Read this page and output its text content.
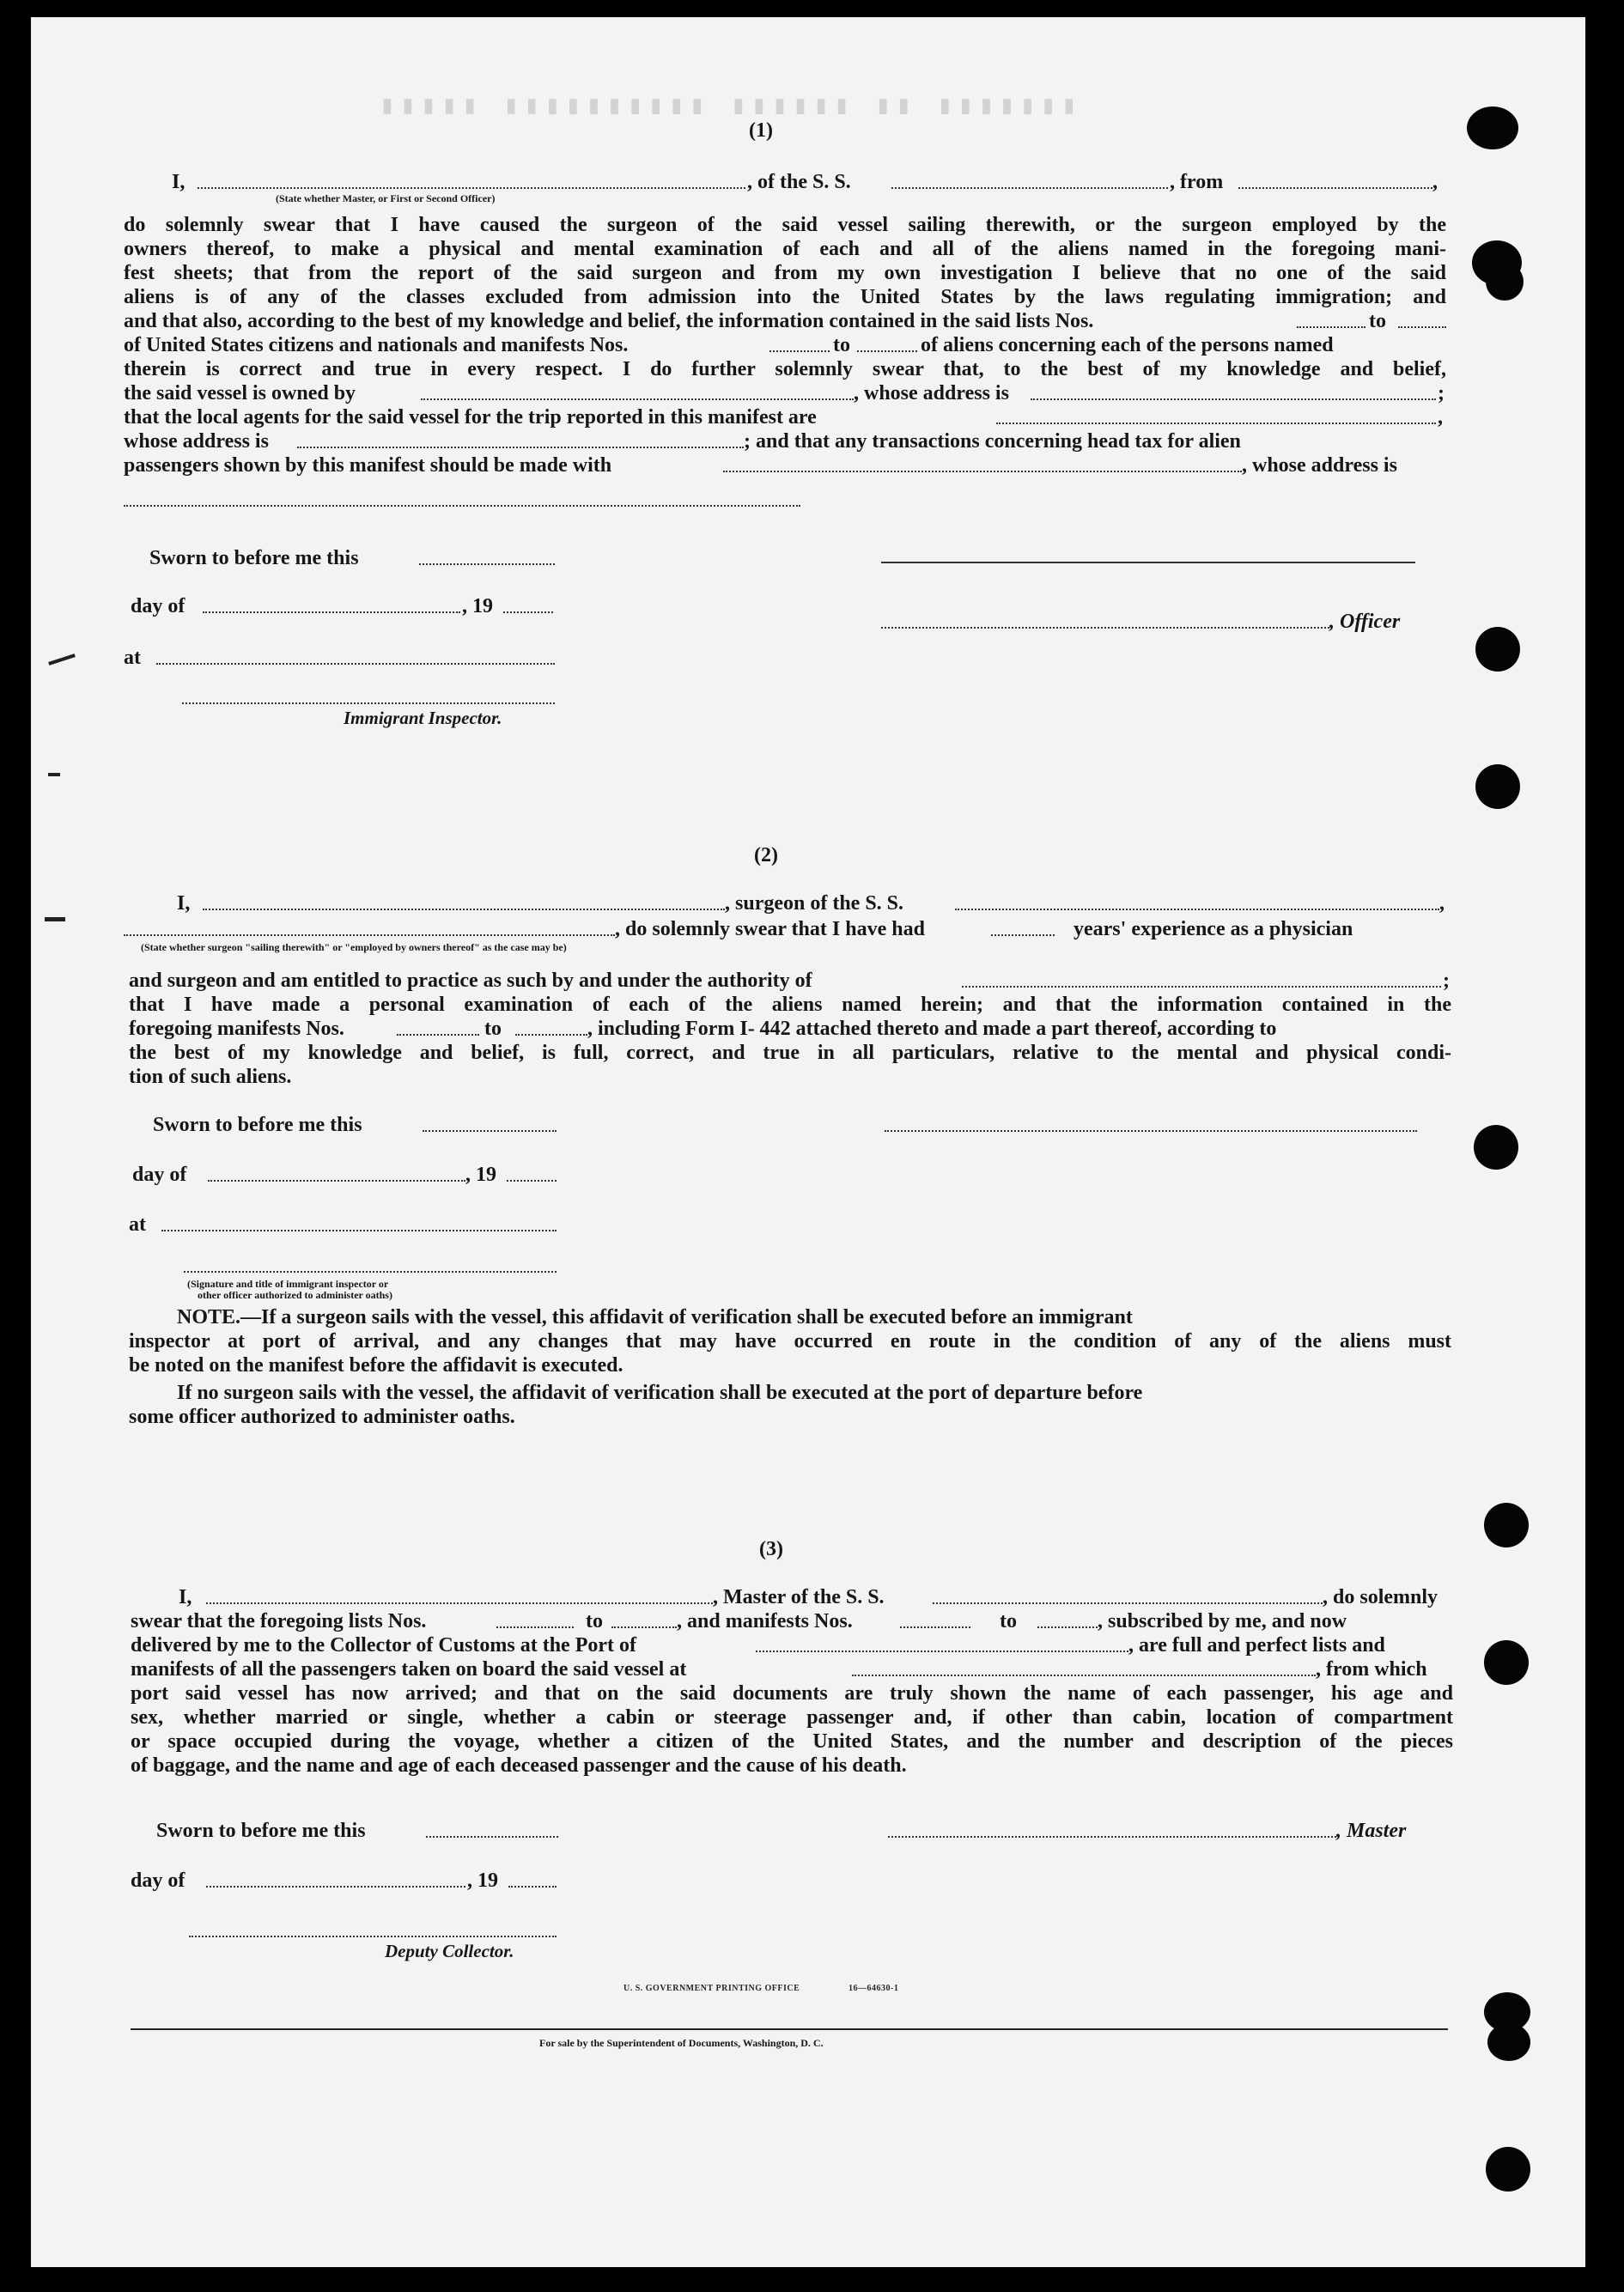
▮▮▮▮▮▮▮ ▮▮ ▮▮▮▮▮▮ ▮▮▮▮▮▮▮▮▮▮ ▮▮▮▮▮
(1)
I,	, of the S. S.	, from	,
(State whether Master, or First or Second Officer)
do solemnly swear that I have caused the surgeon of the said vessel sailing therewith, or the surgeon employed by the
owners thereof, to make a physical and mental examination of each and all of the aliens named in the foregoing mani-
fest sheets; that from the report of the said surgeon and from my own investigation I believe that no one of the said
aliens is of any of the classes excluded from admission into the United States by the laws regulating immigration; and
and that also, according to the best of my knowledge and belief, the information contained in the said lists Nos.	to
of United States citizens and nationals and manifests Nos.	to	of aliens concerning each of the persons named
therein is correct and true in every respect. I do further solemnly swear that, to the best of my knowledge and belief,
the said vessel is owned by	, whose address is	;
that the local agents for the said vessel for the trip reported in this manifest are	,
whose address is	; and that any transactions concerning head tax for alien
passengers shown by this manifest should be made with	, whose address is
Sworn to before me this
day of	, 19
, Officer
at
Immigrant Inspector.
(2)
I,	, surgeon of the S. S.	,
, do solemnly swear that I have had	years' experience as a physician
(State whether surgeon "sailing therewith" or "employed by owners thereof" as the case may be)
and surgeon and am entitled to practice as such by and under the authority of	;
that I have made a personal examination of each of the aliens named herein; and that the information contained in the
foregoing manifests Nos.	to	, including Form I- 442 attached thereto and made a part thereof, according to
the best of my knowledge and belief, is full, correct, and true in all particulars, relative to the mental and physical condi-
tion of such aliens.
Sworn to before me this
day of	, 19
at
(Signature and title of immigrant inspector or
other officer authorized to administer oaths)
NOTE.—If a surgeon sails with the vessel, this affidavit of verification shall be executed before an immigrant
inspector at port of arrival, and any changes that may have occurred en route in the condition of any of the aliens must
be noted on the manifest before the affidavit is executed.
If no surgeon sails with the vessel, the affidavit of verification shall be executed at the port of departure before
some officer authorized to administer oaths.
(3)
I,	, Master of the S. S.	, do solemnly
swear that the foregoing lists Nos.	to	, and manifests Nos.	to	, subscribed by me, and now
delivered by me to the Collector of Customs at the Port of	, are full and perfect lists and
manifests of all the passengers taken on board the said vessel at	, from which
port said vessel has now arrived; and that on the said documents are truly shown the name of each passenger, his age and
sex, whether married or single, whether a cabin or steerage passenger and, if other than cabin, location of compartment
or space occupied during the voyage, whether a citizen of the United States, and the number and description of the pieces
of baggage, and the name and age of each deceased passenger and the cause of his death.
Sworn to before me this	, Master
day of	, 19
Deputy Collector.
U. S. GOVERNMENT PRINTING OFFICE	16—64630-1
For sale by the Superintendent of Documents, Washington, D. C.
